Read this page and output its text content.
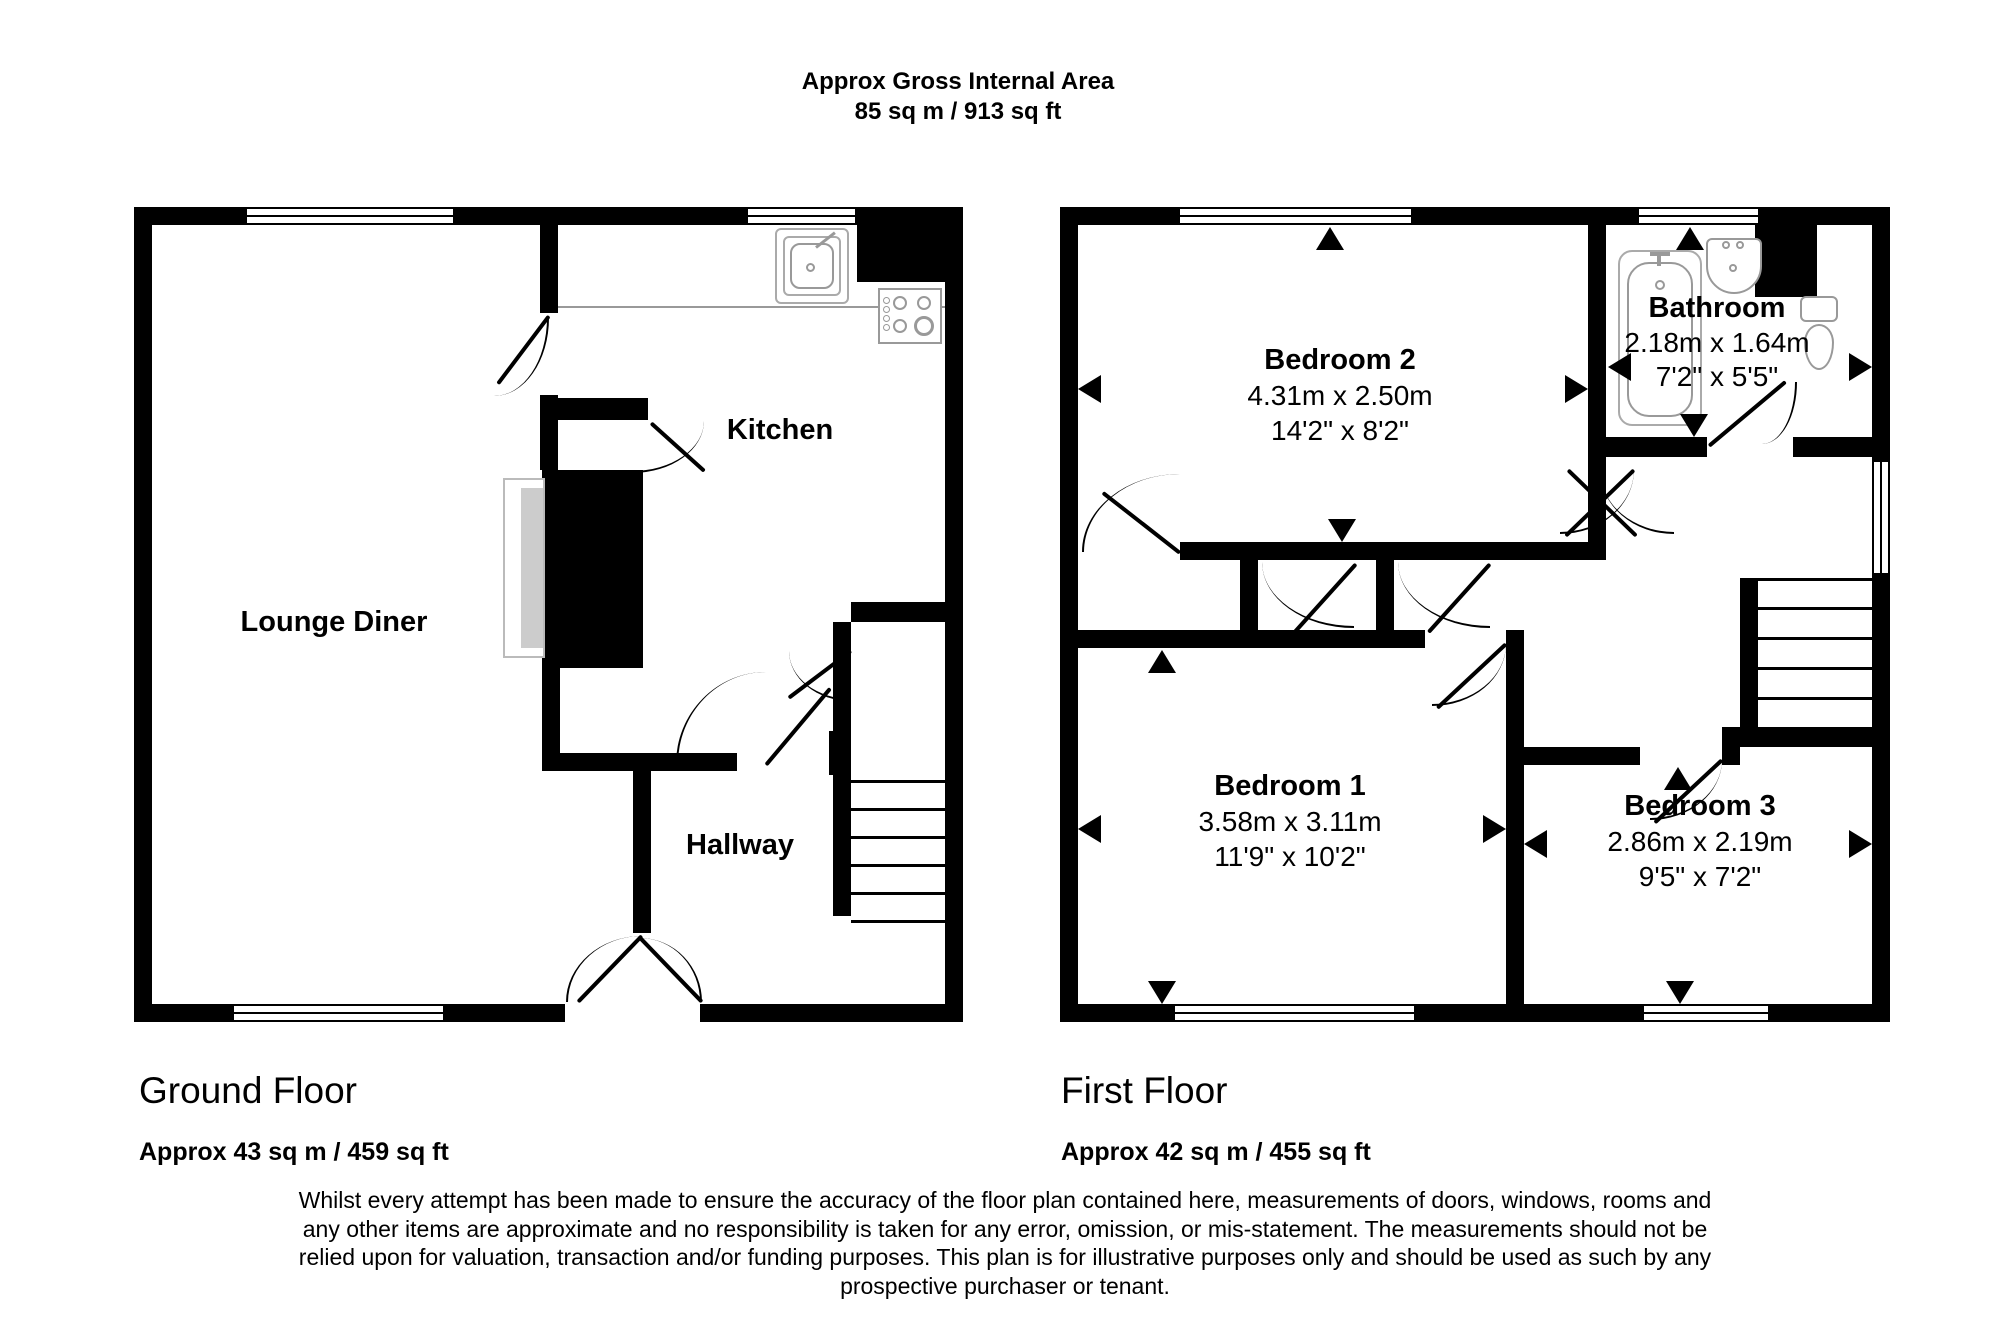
Approx Gross Internal Area
85 sq m / 913 sq ft
Lounge Diner
Kitchen
Hallway
Bedroom 2
4.31m x 2.50m
14'2" x 8'2"
Bathroom
2.18m x 1.64m
7'2" x 5'5"
Bedroom 1
3.58m x 3.11m
11'9" x 10'2"
Bedroom 3
2.86m x 2.19m
9'5" x 7'2"
Ground Floor
Approx 43 sq m / 459 sq ft
First Floor
Approx 42 sq m / 455 sq ft
Whilst every attempt has been made to ensure the accuracy of the floor plan contained here, measurements of doors, windows, rooms and any other items are approximate and no responsibility is taken for any error, omission, or mis-statement. The measurements should not be relied upon for valuation, transaction and/or funding purposes. This plan is for illustrative purposes only and should be used as such by any prospective purchaser or tenant.
